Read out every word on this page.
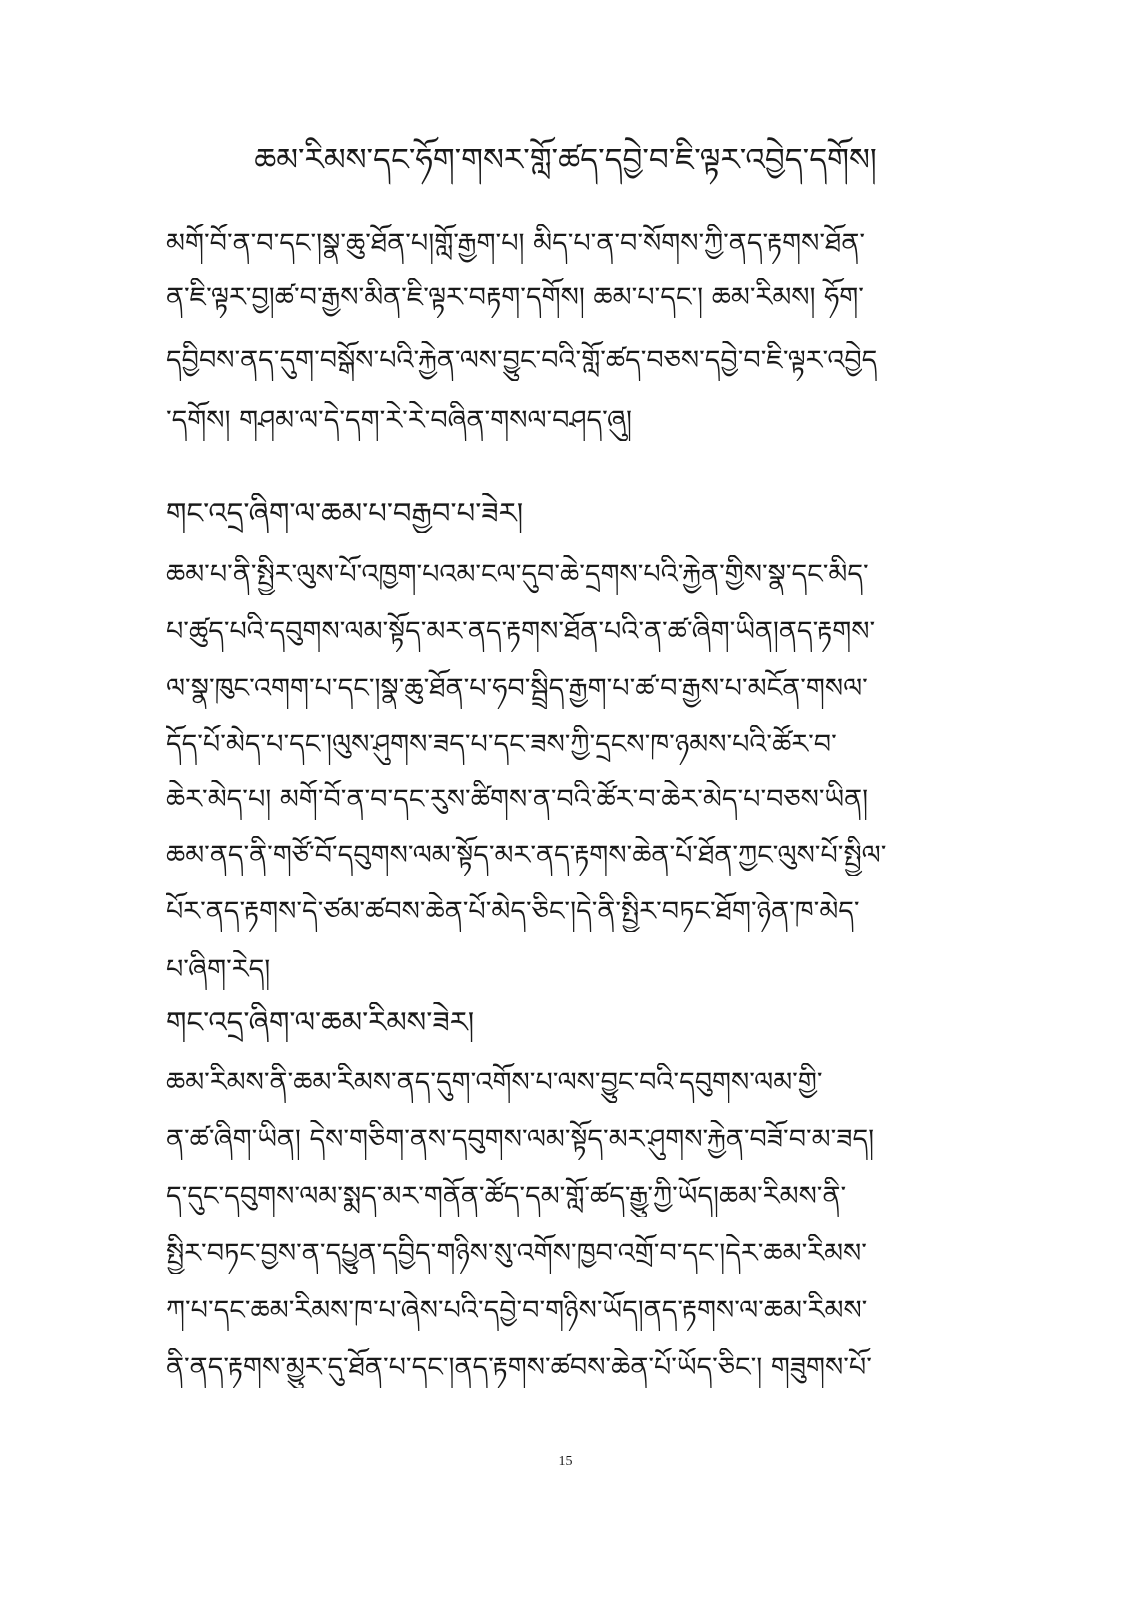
ཆམ་རིམས་དང་ཧོག་གསར་གློ་ཚད་དབྱེ་བ་ཇི་ལྟར་འབྱེད་དགོས།
མགོ་བོ་ན་བ་དང་།སྣ་ཆུ་ཐོན་པ།གློ་རྒྱག་པ། མིད་པ་ན་བ་སོགས་ཀྱི་ནད་རྟགས་ཐོན་
ན་ཇི་ལྟར་བྱ།ཚ་བ་རྒྱས་མིན་ཇི་ལྟར་བརྟག་དགོས། ཆམ་པ་དང་། ཆམ་རིམས། ཧོག་
དབྱིབས་ནད་དུག་བསྒོས་པའི་རྐྱེན་ལས་བྱུང་བའི་གློ་ཚད་བཅས་དབྱེ་བ་ཇི་ལྟར་འབྱེད
་དགོས། གཤམ་ལ་དེ་དག་རེ་རེ་བཞིན་གསལ་བཤད་ཞུ།
གང་འདྲ་ཞིག་ལ་ཆམ་པ་བརྒྱབ་པ་ཟེར།
ཆམ་པ་ནི་སྤྱིར་ལུས་པོ་འཁྱག་པའམ་ངལ་དུབ་ཆེ་དྲགས་པའི་རྐྱེན་གྱིས་སྣ་དང་མིད་
པ་ཚུད་པའི་དབུགས་ལམ་སྟོད་མར་ནད་རྟགས་ཐོན་པའི་ན་ཚ་ཞིག་ཡིན།ནད་རྟགས་
ལ་སྣ་ཁུང་འགག་པ་དང་།སྣ་ཆུ་ཐོན་པ་ཧབ་སྦྲིད་རྒྱག་པ་ཚ་བ་རྒྱས་པ་མངོན་གསལ་
དོད་པོ་མེད་པ་དང་།ལུས་ཤུགས་ཟད་པ་དང་ཟས་ཀྱི་དྲངས་ཁ་ཉམས་པའི་ཚོར་བ་
ཆེར་མེད་པ། མགོ་བོ་ན་བ་དང་རུས་ཚིགས་ན་བའི་ཚོར་བ་ཆེར་མེད་པ་བཅས་ཡིན།
ཆམ་ནད་ནི་གཙོ་བོ་དབུགས་ལམ་སྟོད་མར་ནད་རྟགས་ཆེན་པོ་ཐོན་ཀྱང་ལུས་པོ་སྤྱིལ་
པོར་ནད་རྟགས་དེ་ཙམ་ཚབས་ཆེན་པོ་མེད་ཅིང་།དེ་ནི་སྤྱིར་བཏང་ཐོག་ཉེན་ཁ་མེད་
པ་ཞིག་རེད།
གང་འདྲ་ཞིག་ལ་ཆམ་རིམས་ཟེར།
ཆམ་རིམས་ནི་ཆམ་རིམས་ནད་དུག་འགོས་པ་ལས་བྱུང་བའི་དབུགས་ལམ་གྱི་
ན་ཚ་ཞིག་ཡིན། དེས་གཅིག་ནས་དབུགས་ལམ་སྟོད་མར་ཤུགས་རྐྱེན་བཟོ་བ་མ་ཟད།
ད་དུང་དབུགས་ལམ་སྨད་མར་གནོན་ཚོད་དམ་གློ་ཚད་རྒྱུ་ཀྱི་ཡོད།ཆམ་རིམས་ནི་
སྤྱིར་བཏང་བྱས་ན་དཔྱུན་དབྱིད་གཉིས་སུ་འགོས་ཁྱབ་འགྲོ་བ་དང་།དེར་ཆམ་རིམས་
ཀ་པ་དང་ཆམ་རིམས་ཁ་པ་ཞེས་པའི་དབྱེ་བ་གཉིས་ཡོད།ནད་རྟགས་ལ་ཆམ་རིམས་
ནི་ནད་རྟགས་མྱུར་དུ་ཐོན་པ་དང་།ནད་རྟགས་ཚབས་ཆེན་པོ་ཡོད་ཅིང་། གཟུགས་པོ་
15
